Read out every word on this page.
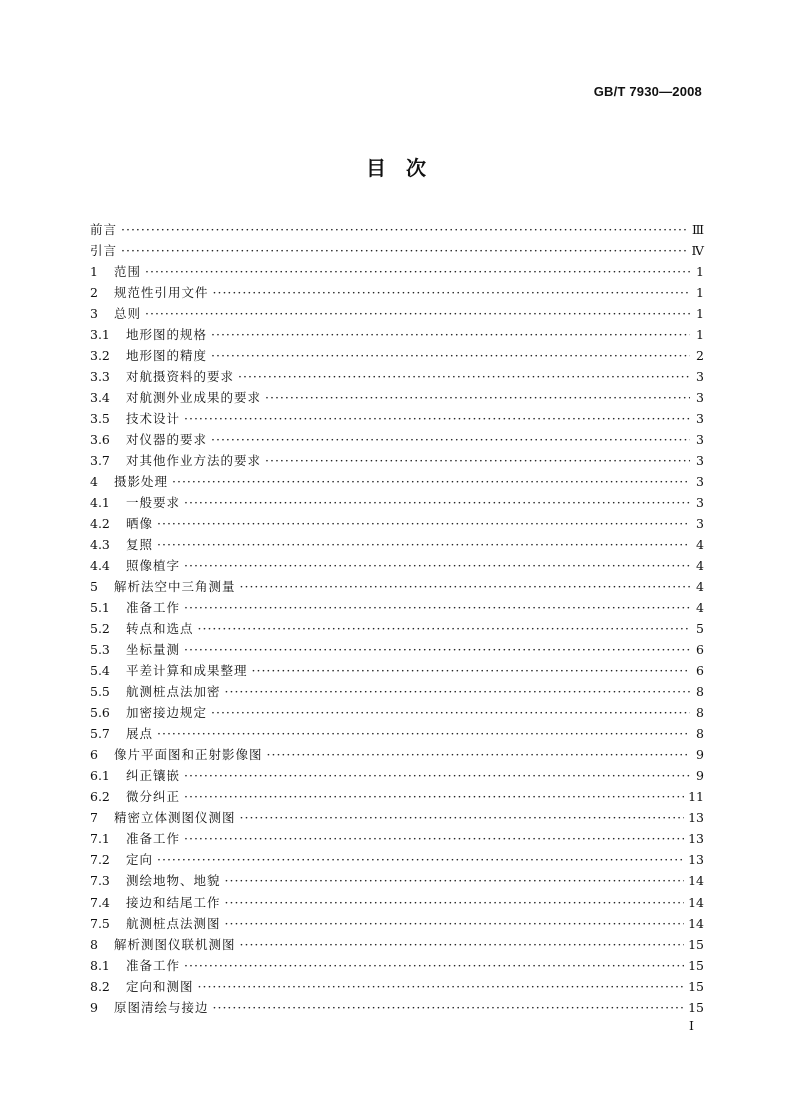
GB/T 7930—2008
目　次
前言 ·····	Ⅲ
引言 ·····	Ⅳ
1	范围 ·····	1
2	规范性引用文件 ·····	1
3	总则 ·····	1
3.1	地形图的规格 ·····	1
3.2	地形图的精度 ·····	2
3.3	对航摄资料的要求 ·····	3
3.4	对航测外业成果的要求 ·····	3
3.5	技术设计 ·····	3
3.6	对仪器的要求 ·····	3
3.7	对其他作业方法的要求 ·····	3
4	摄影处理 ·····	3
4.1	一般要求 ·····	3
4.2	晒像 ·····	3
4.3	复照 ·····	4
4.4	照像植字 ·····	4
5	解析法空中三角测量 ·····	4
5.1	准备工作 ·····	4
5.2	转点和选点 ·····	5
5.3	坐标量测 ·····	6
5.4	平差计算和成果整理 ·····	6
5.5	航测桩点法加密 ·····	8
5.6	加密接边规定 ·····	8
5.7	展点 ·····	8
6	像片平面图和正射影像图 ·····	9
6.1	纠正镶嵌 ·····	9
6.2	微分纠正 ·····	11
7	精密立体测图仪测图 ·····	13
7.1	准备工作 ·····	13
7.2	定向 ·····	13
7.3	测绘地物、地貌 ·····	14
7.4	接边和结尾工作 ·····	14
7.5	航测桩点法测图 ·····	14
8	解析测图仪联机测图 ·····	15
8.1	准备工作 ·····	15
8.2	定向和测图 ·····	15
9	原图清绘与接边 ·····	15
I
